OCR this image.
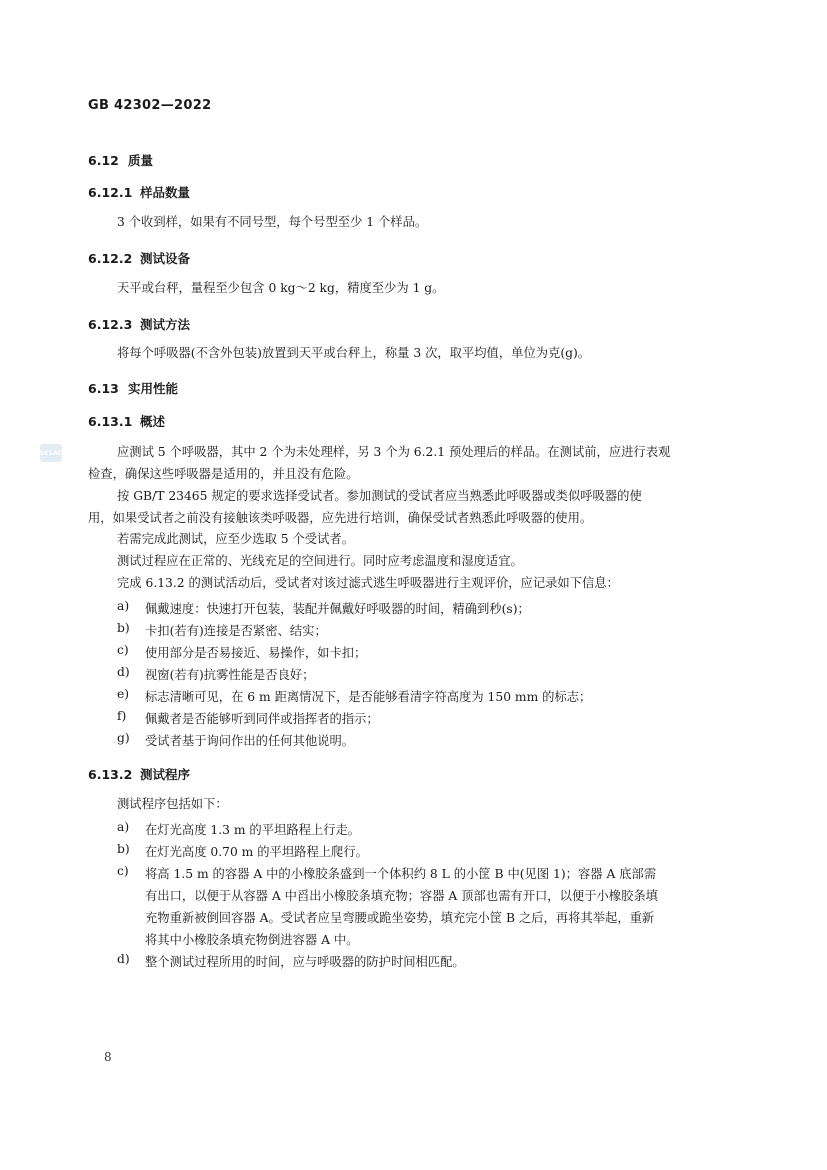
GB 42302—2022
6.12 质量
6.12.1 样品数量
3 个收到样，如果有不同号型，每个号型至少 1 个样品。
6.12.2 测试设备
天平或台秤，量程至少包含 0 kg～2 kg，精度至少为 1 g。
6.12.3 测试方法
将每个呼吸器(不含外包装)放置到天平或台秤上，称量 3 次，取平均值，单位为克(g)。
6.13 实用性能
6.13.1 概述
SESAC	应测试 5 个呼吸器，其中 2 个为未处理样，另 3 个为 6.2.1 预处理后的样品。在测试前，应进行表观
检查，确保这些呼吸器是适用的，并且没有危险。
按 GB/T 23465 规定的要求选择受试者。参加测试的受试者应当熟悉此呼吸器或类似呼吸器的使
用，如果受试者之前没有接触该类呼吸器，应先进行培训，确保受试者熟悉此呼吸器的使用。
若需完成此测试，应至少选取 5 个受试者。
测试过程应在正常的、光线充足的空间进行。同时应考虑温度和湿度适宜。
完成 6.13.2 的测试活动后，受试者对该过滤式逃生呼吸器进行主观评价，应记录如下信息：
a) 佩戴速度：快速打开包装，装配并佩戴好呼吸器的时间，精确到秒(s)；
b) 卡扣(若有)连接是否紧密、结实；
c) 使用部分是否易接近、易操作，如卡扣；
d) 视窗(若有)抗雾性能是否良好；
e) 标志清晰可见，在 6 m 距离情况下，是否能够看清字符高度为 150 mm 的标志；
f) 佩戴者是否能够听到同伴或指挥者的指示；
g) 受试者基于询问作出的任何其他说明。
6.13.2 测试程序
测试程序包括如下：
a) 在灯光高度 1.3 m 的平坦路程上行走。
b) 在灯光高度 0.70 m 的平坦路程上爬行。
c) 将高 1.5 m 的容器 A 中的小橡胶条盛到一个体积约 8 L 的小筐 B 中(见图 1)；容器 A 底部需
有出口，以便于从容器 A 中舀出小橡胶条填充物；容器 A 顶部也需有开口，以便于小橡胶条填
充物重新被倒回容器 A。受试者应呈弯腰或跪坐姿势，填充完小筐 B 之后，再将其举起，重新
将其中小橡胶条填充物倒进容器 A 中。
d) 整个测试过程所用的时间，应与呼吸器的防护时间相匹配。
8
